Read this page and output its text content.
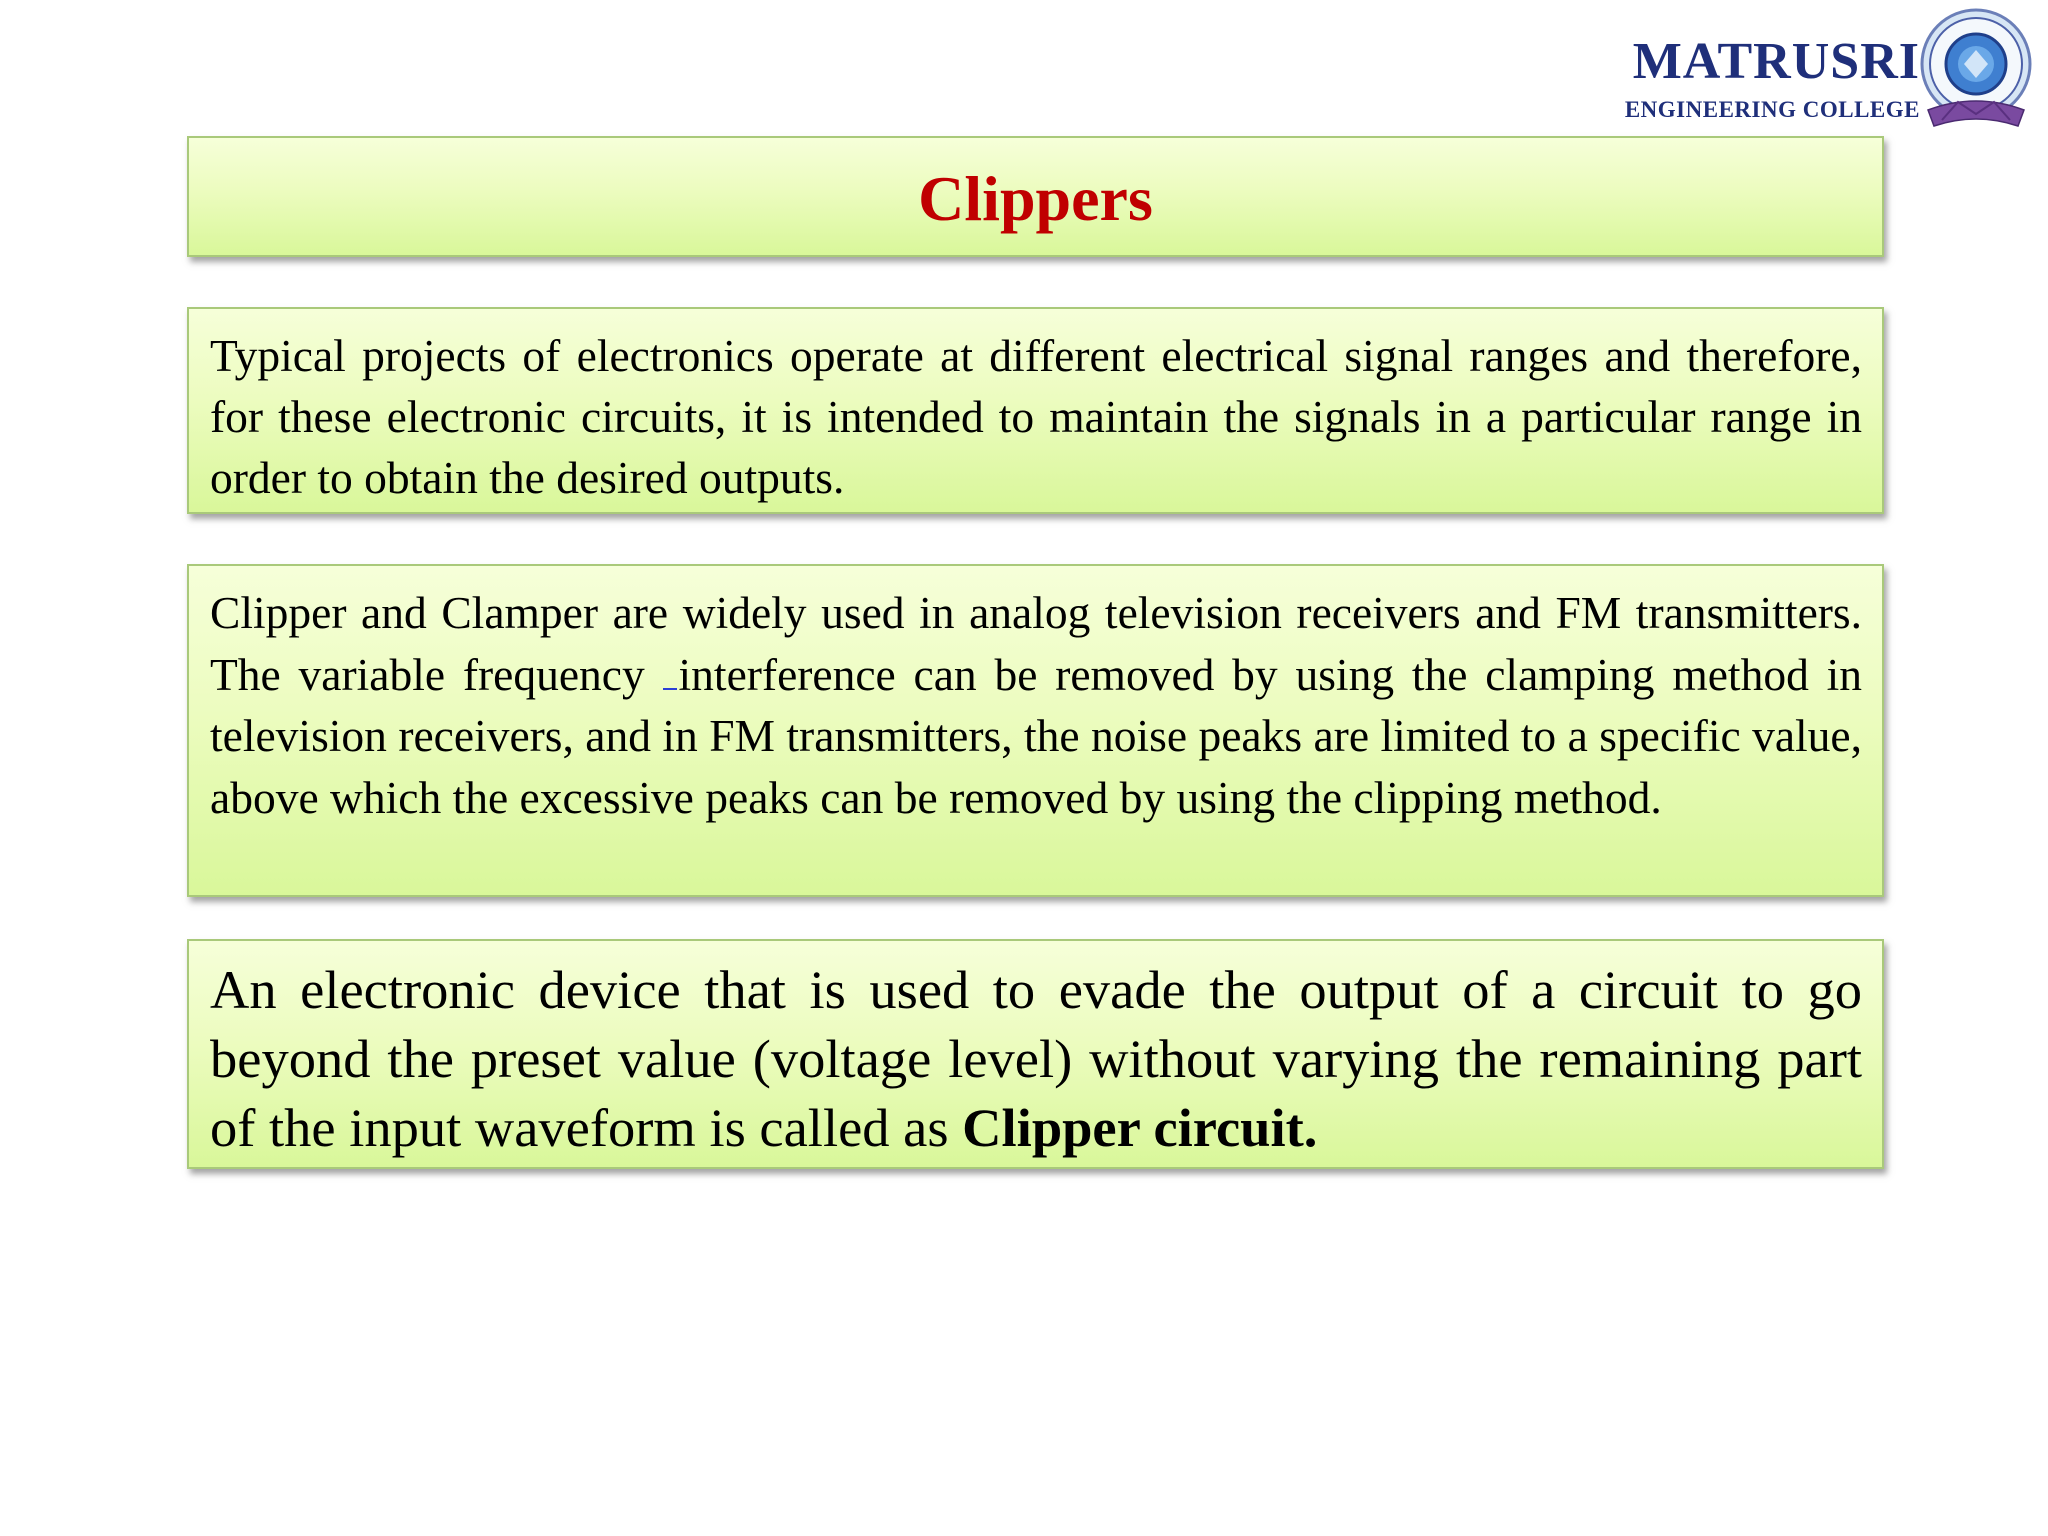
MATRUSRI
ENGINEERING COLLEGE
Clippers

Typical projects of electronics operate at different electrical signal ranges and therefore, for these electronic circuits, it is intended to maintain the signals in a particular range in order to obtain the desired outputs.

Clipper and Clamper are widely used in analog television receivers and FM transmitters. The variable frequency interference can be removed by using the clamping method in television receivers, and in FM transmitters, the noise peaks are limited to a specific value, above which the excessive peaks can be removed by using the clipping method.

An electronic device that is used to evade the output of a circuit to go beyond the preset value (voltage level) without varying the remaining part of the input waveform is called as Clipper circuit.
